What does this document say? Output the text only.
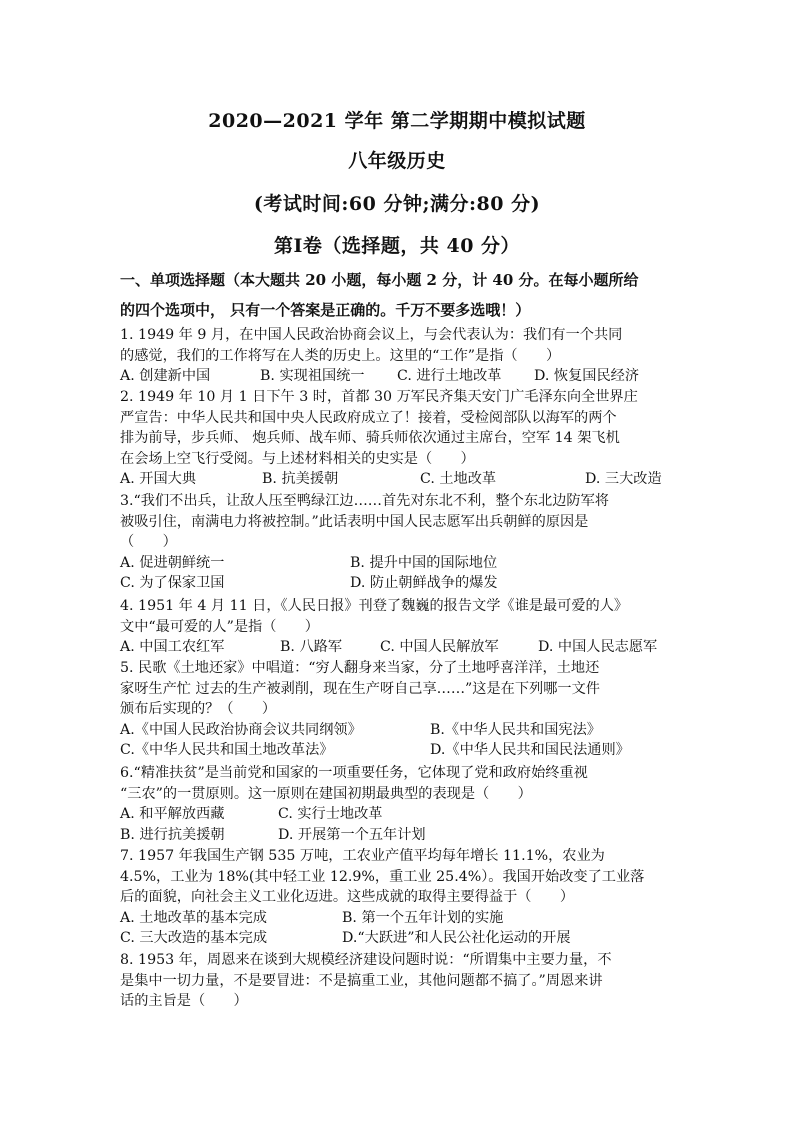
2020—2021 学年 第二学期期中模拟试题
八年级历史
(考试时间:60 分钟;满分:80 分)
第Ⅰ卷（选择题，共 40 分）
一、单项选择题（本大题共 20 小题，每小题 2 分，计 40 分。在每小题所给
的四个选项中， 只有一个答案是正确的。千万不要多选哦！）
1. 1949 年 9 月，在中国人民政治协商会议上，与会代表认为：我们有一个共同
的感觉，我们的工作将写在人类的历史上。这里的“工作”是指（　　）
A. 创建新中国	B. 实现祖国统一 C. 进行土地改革 D. 恢复国民经济
2. 1949 年 10 月 1 日下午 3 时，首都 30 万军民齐集天安门广毛泽东向全世界庄
严宣告：中华人民共和国中央人民政府成立了！接着，受检阅部队以海军的两个
排为前导，步兵师、 炮兵师、战车师、骑兵师依次通过主席台，空军 14 架飞机
在会场上空飞行受阅。与上述材料相关的史实是（　　）
A. 开国大典	B. 抗美援朝	C. 土地改革	D. 三大改造
3.“我们不出兵，让敌人压至鸭绿江边……首先对东北不利，整个东北边防军将
被吸引住，南满电力将被控制。”此话表明中国人民志愿军出兵朝鲜的原因是
（　　）
A. 促进朝鲜统一	B. 提升中国的国际地位
C. 为了保家卫国	D. 防止朝鲜战争的爆发
4. 1951 年 4 月 11 日，《人民日报》刊登了魏巍的报告文学《谁是最可爱的人》
文中“最可爱的人”是指（　　）
A. 中国工农红军	B. 八路军	C. 中国人民解放军	D. 中国人民志愿军
5. 民歌《土地还家》中唱道：“穷人翻身来当家，分了土地呼喜洋洋，土地还
家呀生产忙 过去的生产被剥削，现在生产呀自己享……”这是在下列哪一文件
颁布后实现的？（　　）
A.《中国人民政治协商会议共同纲领》	B.《中华人民共和国宪法》
C.《中华人民共和国土地改革法》	D.《中华人民共和国民法通则》
6.“精准扶贫”是当前党和国家的一项重要任务，它体现了党和政府始终重视
“三农”的一贯原则。这一原则在建国初期最典型的表现是（　　）
A. 和平解放西藏	C. 实行士地改革
B. 进行抗美援朝	D. 开展第一个五年计划
7. 1957 年我国生产钢 535 万吨，工农业产值平均每年增长 11.1%，农业为
4.5%，工业为 18%(其中轻工业 12.9%，重工业 25.4%）。我国开始改变了工业落
后的面貌，向社会主义工业化迈进。这些成就的取得主要得益于（　　）
A. 土地改革的基本完成	B. 第一个五年计划的实施
C. 三大改造的基本完成	D.“大跃进”和人民公社化运动的开展
8. 1953 年，周恩来在谈到大规模经济建设问题时说：“所谓集中主要力量，不
是集中一切力量，不是要冒进：不是搞重工业，其他问题都不搞了。”周恩来讲
话的主旨是（　　）
